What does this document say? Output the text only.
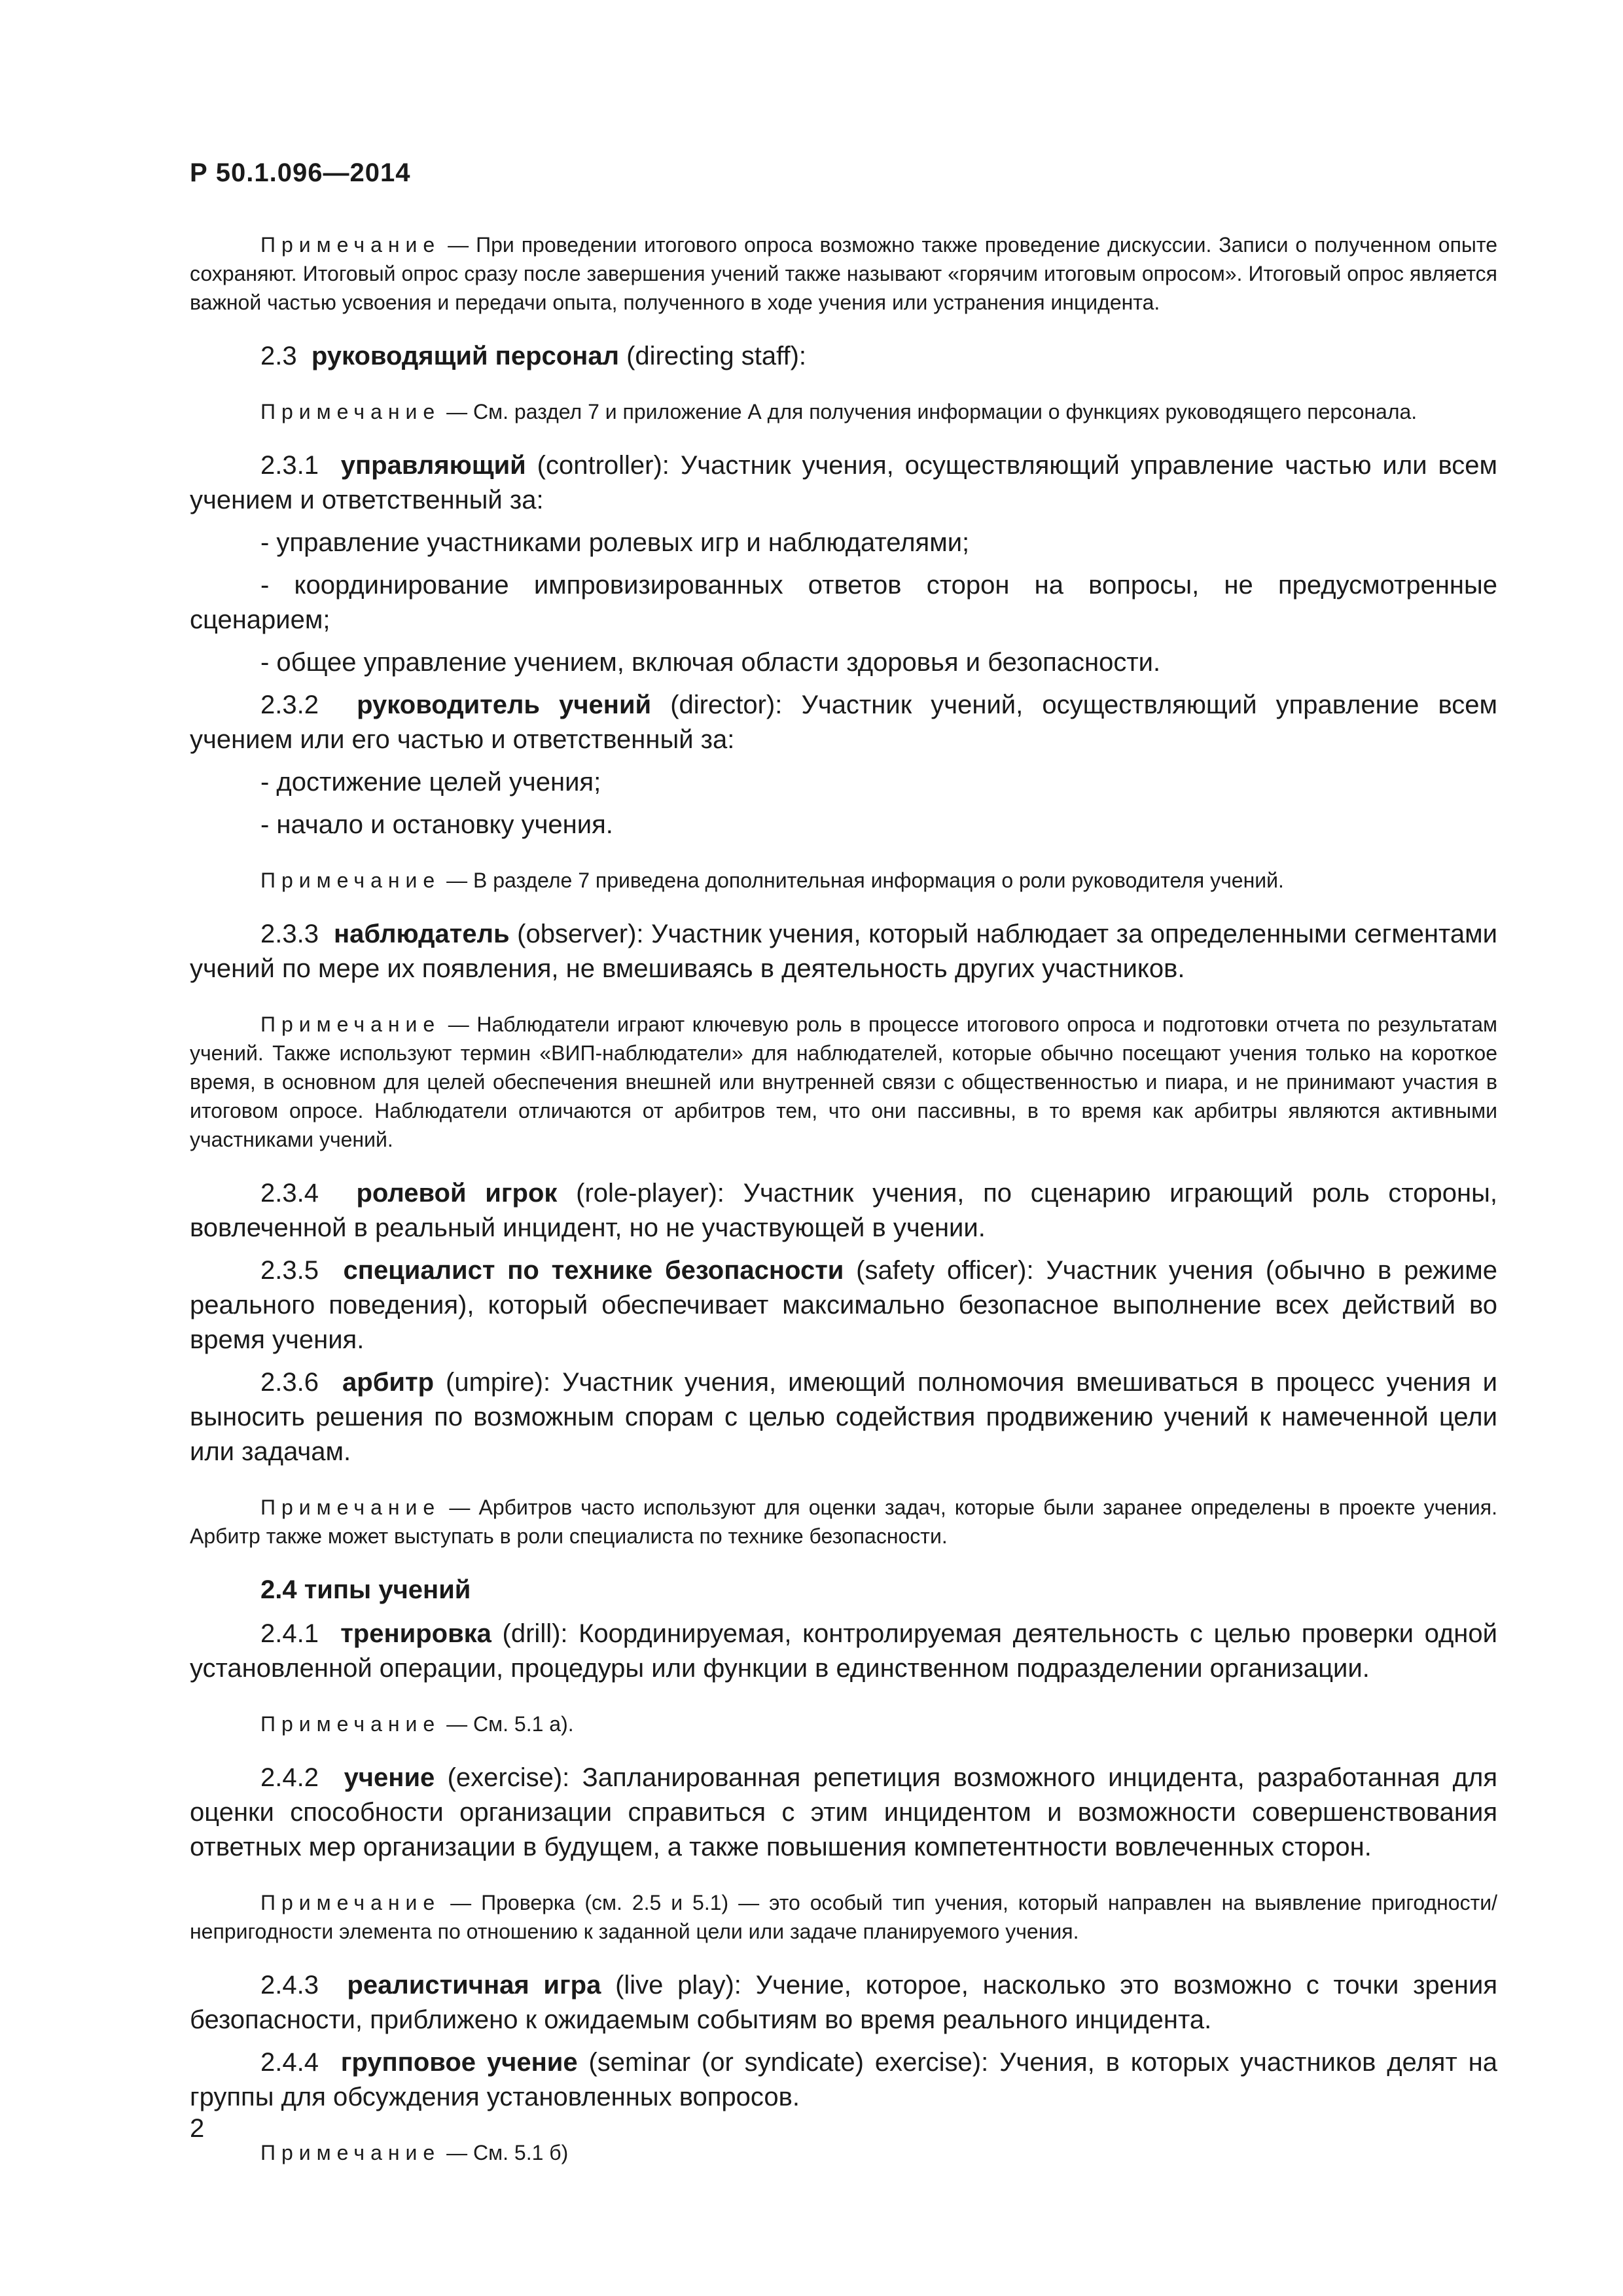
Р 50.1.096—2014

Примечание — При проведении итогового опроса возможно также проведение дискуссии. Записи о полученном опыте сохраняют. Итоговый опрос сразу после завершения учений также называют «горячим итоговым опросом». Итоговый опрос является важной частью усвоения и передачи опыта, полученного в ходе учения или устранения инцидента.

2.3 руководящий персонал (directing staff):

Примечание — См. раздел 7 и приложение А для получения информации о функциях руководящего персонала.

2.3.1 управляющий (controller): Участник учения, осуществляющий управление частью или всем учением и ответственный за:

- управление участниками ролевых игр и наблюдателями;

- координирование импровизированных ответов сторон на вопросы, не предусмотренные сценарием;

- общее управление учением, включая области здоровья и безопасности.

2.3.2 руководитель учений (director): Участник учений, осуществляющий управление всем учением или его частью и ответственный за:

- достижение целей учения;

- начало и остановку учения.

Примечание — В разделе 7 приведена дополнительная информация о роли руководителя учений.

2.3.3 наблюдатель (observer): Участник учения, который наблюдает за определенными сегментами учений по мере их появления, не вмешиваясь в деятельность других участников.

Примечание — Наблюдатели играют ключевую роль в процессе итогового опроса и подготовки отчета по результатам учений. Также используют термин «ВИП-наблюдатели» для наблюдателей, которые обычно посещают учения только на короткое время, в основном для целей обеспечения внешней или внутренней связи с общественностью и пиара, и не принимают участия в итоговом опросе. Наблюдатели отличаются от арбитров тем, что они пассивны, в то время как арбитры являются активными участниками учений.

2.3.4 ролевой игрок (role-player): Участник учения, по сценарию играющий роль стороны, вовлеченной в реальный инцидент, но не участвующей в учении.

2.3.5 специалист по технике безопасности (safety officer): Участник учения (обычно в режиме реального поведения), который обеспечивает максимально безопасное выполнение всех действий во время учения.

2.3.6 арбитр (umpire): Участник учения, имеющий полномочия вмешиваться в процесс учения и выносить решения по возможным спорам с целью содействия продвижению учений к намеченной цели или задачам.

Примечание — Арбитров часто используют для оценки задач, которые были заранее определены в проекте учения. Арбитр также может выступать в роли специалиста по технике безопасности.

2.4 типы учений

2.4.1 тренировка (drill): Координируемая, контролируемая деятельность с целью проверки одной установленной операции, процедуры или функции в единственном подразделении организации.

Примечание — См. 5.1 а).

2.4.2 учение (exercise): Запланированная репетиция возможного инцидента, разработанная для оценки способности организации справиться с этим инцидентом и возможности совершенствования ответных мер организации в будущем, а также повышения компетентности вовлеченных сторон.

Примечание — Проверка (см. 2.5 и 5.1) — это особый тип учения, который направлен на выявление пригодности/непригодности элемента по отношению к заданной цели или задаче планируемого учения.

2.4.3 реалистичная игра (live play): Учение, которое, насколько это возможно с точки зрения безопасности, приближено к ожидаемым событиям во время реального инцидента.

2.4.4 групповое учение (seminar (or syndicate) exercise): Учения, в которых участников делят на группы для обсуждения установленных вопросов.

Примечание — См. 5.1 б)

2
